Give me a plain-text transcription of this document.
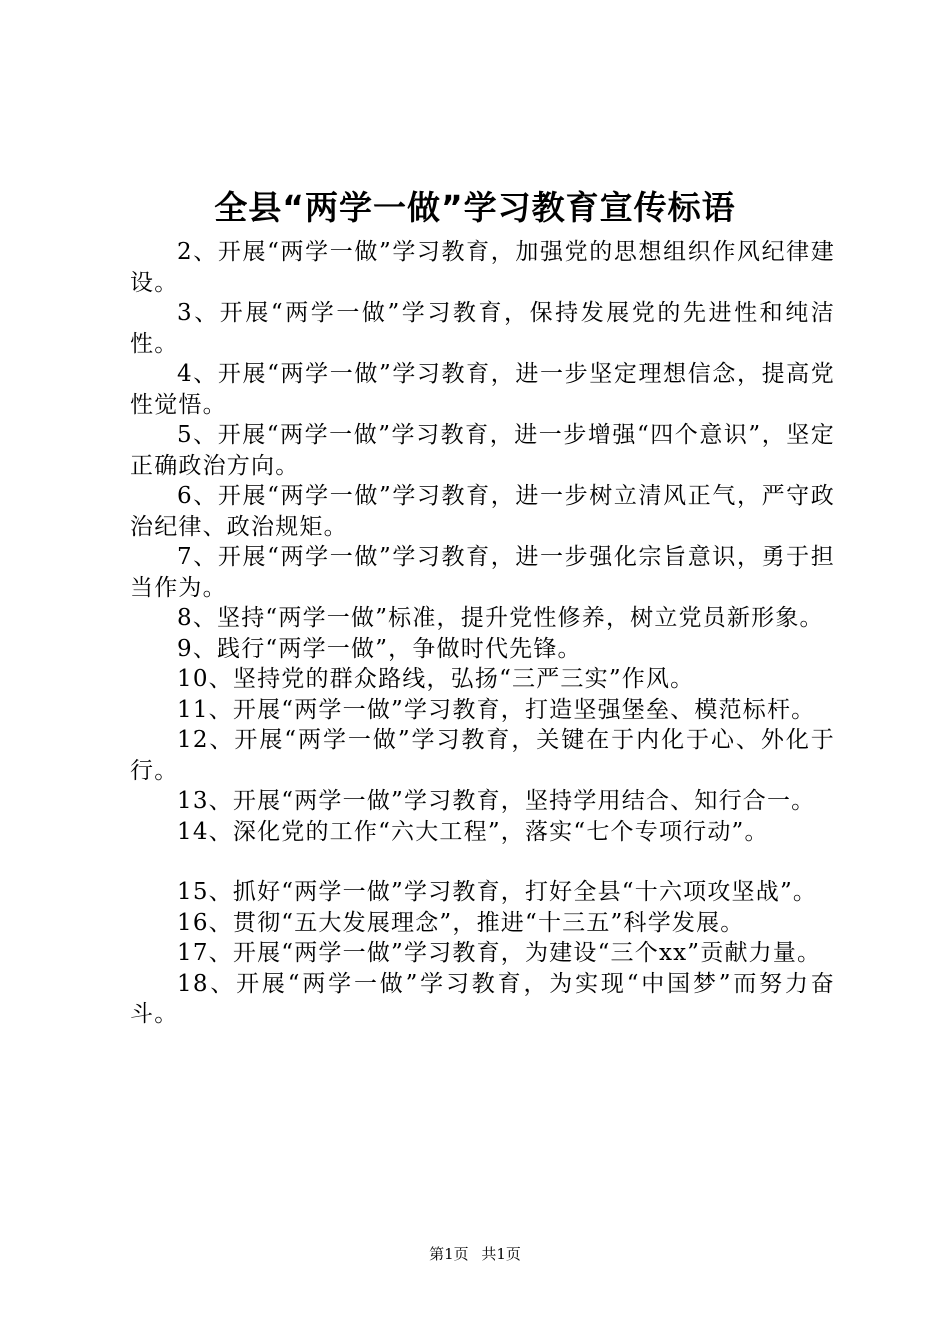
全县“两学一做”学习教育宣传标语

2、开展“两学一做”学习教育，加强党的思想组织作风纪律建设。

3、开展“两学一做”学习教育，保持发展党的先进性和纯洁性。

4、开展“两学一做”学习教育，进一步坚定理想信念，提高党性觉悟。

5、开展“两学一做”学习教育，进一步增强“四个意识”，坚定正确政治方向。

6、开展“两学一做”学习教育，进一步树立清风正气，严守政治纪律、政治规矩。

7、开展“两学一做”学习教育，进一步强化宗旨意识，勇于担当作为。

8、坚持“两学一做”标准，提升党性修养，树立党员新形象。

9、践行“两学一做”，争做时代先锋。

10、坚持党的群众路线，弘扬“三严三实”作风。

11、开展“两学一做”学习教育，打造坚强堡垒、模范标杆。

12、开展“两学一做”学习教育，关键在于内化于心、外化于行。

13、开展“两学一做”学习教育，坚持学用结合、知行合一。

14、深化党的工作“六大工程”，落实“七个专项行动”。

15、抓好“两学一做”学习教育，打好全县“十六项攻坚战”。

16、贯彻“五大发展理念”，推进“十三五”科学发展。

17、开展“两学一做”学习教育，为建设“三个xx”贡献力量。

18、开展“两学一做”学习教育，为实现“中国梦”而努力奋斗。

第1页 共1页
